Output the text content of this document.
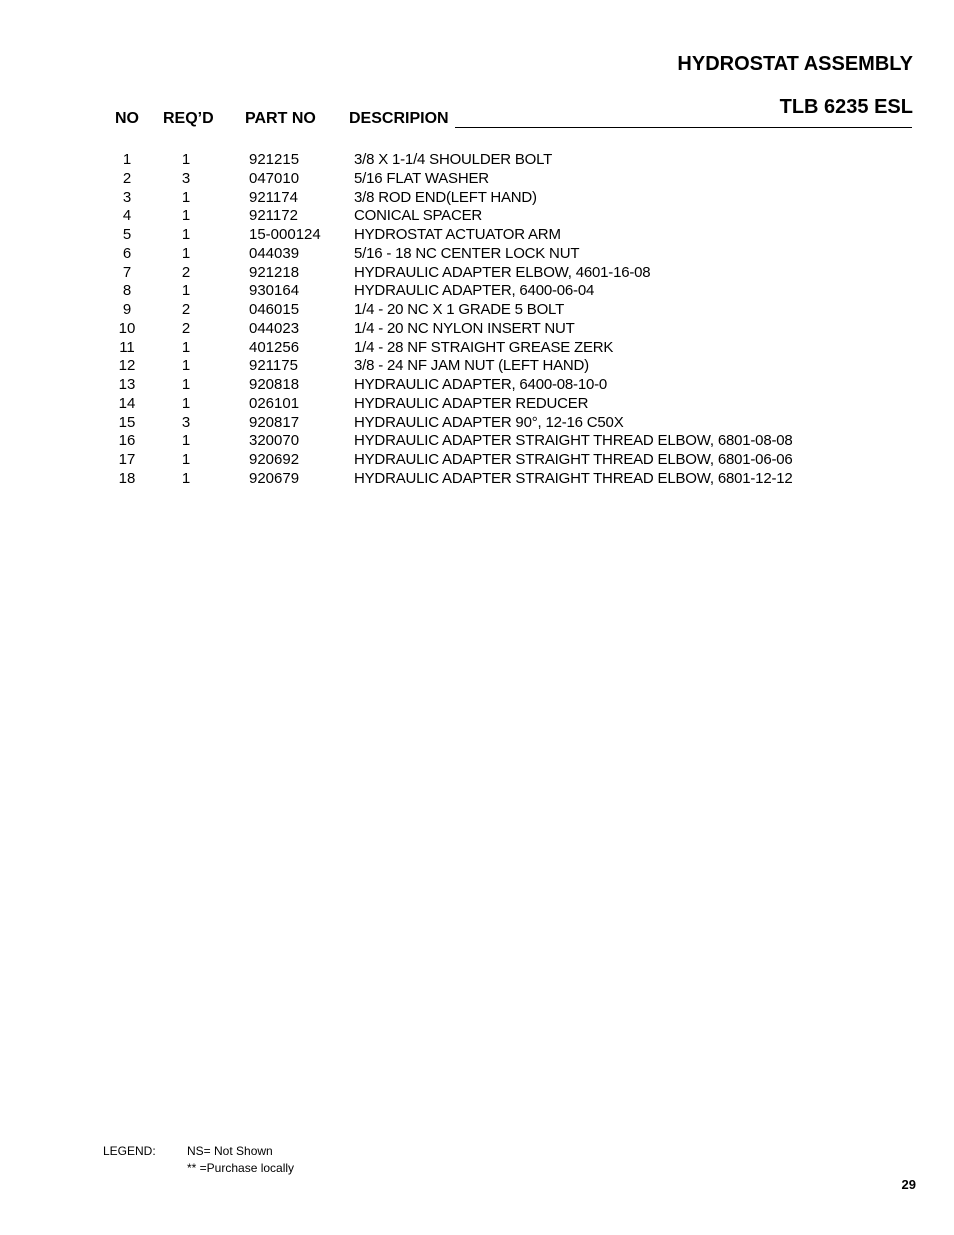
HYDROSTAT ASSEMBLY
TLB 6235 ESL
NO REQ’D PART NO DESCRIPION
1	1	921215	3/8 X 1-1/4 SHOULDER BOLT
2	3	047010	5/16 FLAT WASHER
3	1	921174	3/8 ROD END(LEFT HAND)
4	1	921172	CONICAL SPACER
5	1	15-000124 HYDROSTAT ACTUATOR ARM
6	1	044039	5/16 - 18 NC CENTER LOCK NUT
7	2	921218	HYDRAULIC ADAPTER ELBOW, 4601-16-08
8	1	930164	HYDRAULIC ADAPTER, 6400-06-04
9	2	046015	1/4 - 20 NC X 1 GRADE 5 BOLT
10	2	044023	1/4 - 20 NC NYLON INSERT NUT
11	1	401256	1/4 - 28 NF STRAIGHT GREASE ZERK
12	1	921175	3/8 - 24 NF JAM NUT (LEFT HAND)
13	1	920818	HYDRAULIC ADAPTER, 6400-08-10-0
14	1	026101	HYDRAULIC ADAPTER REDUCER
15	3	920817	HYDRAULIC ADAPTER 90°, 12-16 C50X
16	1	320070	HYDRAULIC ADAPTER STRAIGHT THREAD ELBOW, 6801-08-08
17	1	920692	HYDRAULIC ADAPTER STRAIGHT THREAD ELBOW, 6801-06-06
18	1	920679	HYDRAULIC ADAPTER STRAIGHT THREAD ELBOW, 6801-12-12
LEGEND:	NS= Not Shown
** =Purchase locally
29
